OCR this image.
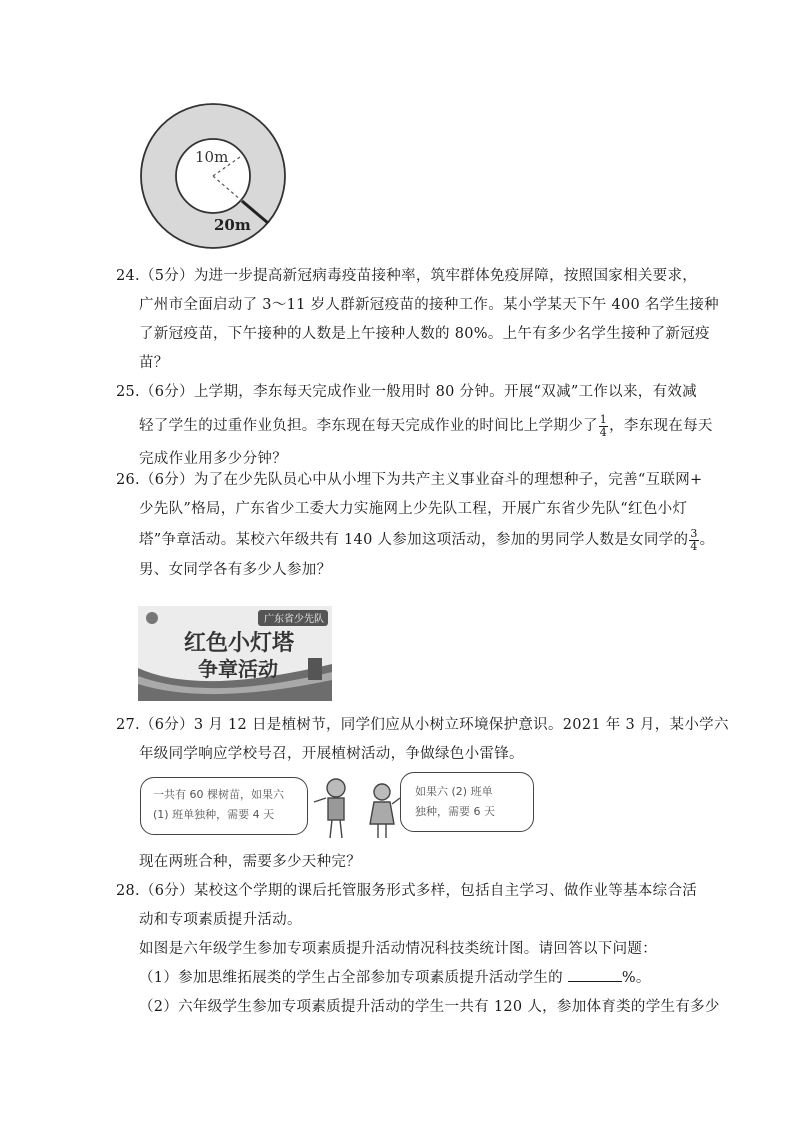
10m
20m
24.（5分）为进一步提高新冠病毒疫苗接种率，筑牢群体免疫屏障，按照国家相关要求，
广州市全面启动了 3～11 岁人群新冠疫苗的接种工作。某小学某天下午 400 名学生接种
了新冠疫苗，下午接种的人数是上午接种人数的 80%。上午有多少名学生接种了新冠疫
苗？
25.（6分）上学期，李东每天完成作业一般用时 80 分钟。开展“双减”工作以来，有效减
轻了学生的过重作业负担。李东现在每天完成作业的时间比上学期少了 $\frac{1}{4}$ ，李东现在每天
完成作业用多少分钟？
26.（6分）为了在少先队员心中从小埋下为共产主义事业奋斗的理想种子，完善“互联网+
少先队”格局，广东省少工委大力实施网上少先队工程，开展广东省少先队“红色小灯
塔”争章活动。某校六年级共有 140 人参加这项活动，参加的男同学人数是女同学的 $\frac{3}{4}$ 。
男、女同学各有多少人参加？
广东省少先队
红色小灯塔
争章活动
27.（6分）3 月 12 日是植树节，同学们应从小树立环境保护意识。2021 年 3 月，某小学六
年级同学响应学校号召，开展植树活动，争做绿色小雷锋。
一共有 60 棵树苗，如果六
(1) 班单独种，需要 4 天
如果六 (2) 班单
独种，需要 6 天
现在两班合种，需要多少天种完？
28.（6分）某校这个学期的课后托管服务形式多样，包括自主学习、做作业等基本综合活
动和专项素质提升活动。
如图是六年级学生参加专项素质提升活动情况科技类统计图。请回答以下问题：
（1）参加思维拓展类的学生占全部参加专项素质提升活动学生的	%。
（2）六年级学生参加专项素质提升活动的学生一共有 120 人，参加体育类的学生有多少
